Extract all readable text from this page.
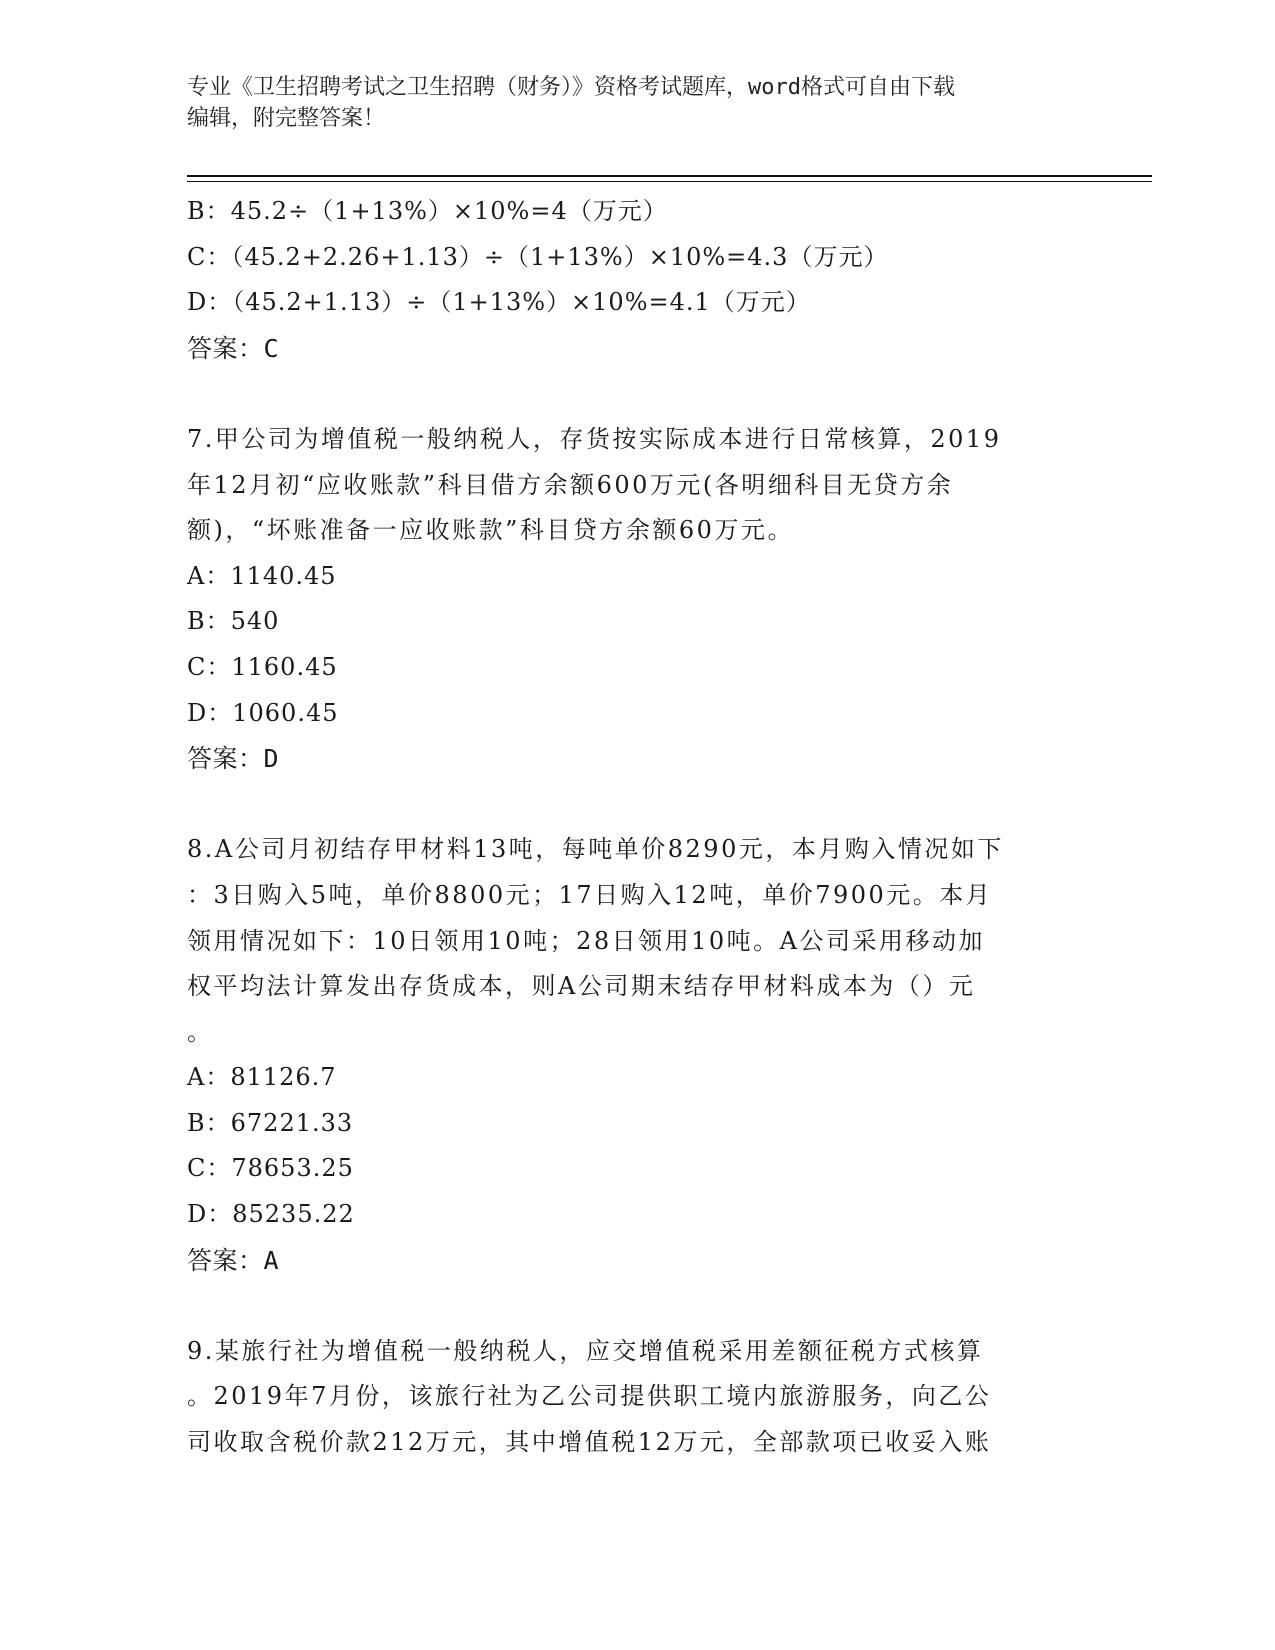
专业《卫生招聘考试之卫生招聘（财务）》资格考试题库，word格式可自由下载
编辑，附完整答案！
B：45.2÷（1+13%）×10%=4（万元）
C：（45.2+2.26+1.13）÷（1+13%）×10%=4.3（万元）
D：（45.2+1.13）÷（1+13%）×10%=4.1（万元）
答案：C
7.甲公司为增值税一般纳税人，存货按实际成本进行日常核算，2019
年12月初“应收账款”科目借方余额600万元(各明细科目无贷方余
额)，“坏账准备一应收账款”科目贷方余额60万元。
A：1140.45
B：540
C：1160.45
D：1060.45
答案：D
8.A公司月初结存甲材料13吨，每吨单价8290元，本月购入情况如下
：3日购入5吨，单价8800元；17日购入12吨，单价7900元。本月
领用情况如下：10日领用10吨；28日领用10吨。A公司采用移动加
权平均法计算发出存货成本，则A公司期末结存甲材料成本为（）元
。
A：81126.7
B：67221.33
C：78653.25
D：85235.22
答案：A
9.某旅行社为增值税一般纳税人，应交增值税采用差额征税方式核算
。2019年7月份，该旅行社为乙公司提供职工境内旅游服务，向乙公
司收取含税价款212万元，其中增值税12万元，全部款项已收妥入账
